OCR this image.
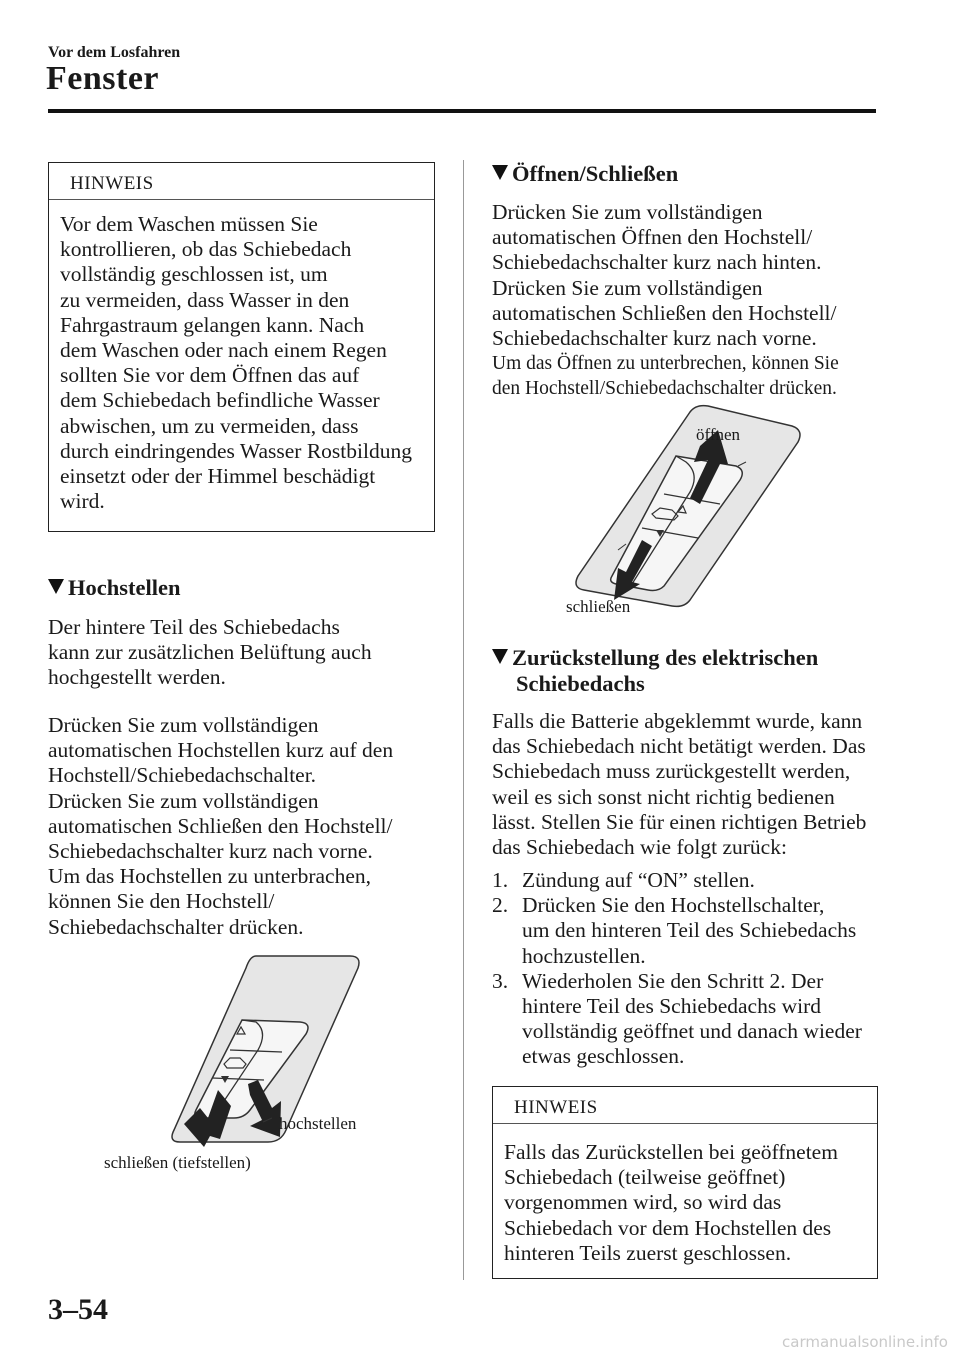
Vor dem Losfahren
Fenster
HINWEIS
Vor dem Waschen müssen Sie
kontrollieren, ob das Schiebedach
vollständig geschlossen ist, um
zu vermeiden, dass Wasser in den
Fahrgastraum gelangen kann. Nach
dem Waschen oder nach einem Regen
sollten Sie vor dem Öffnen das auf
dem Schiebedach befindliche Wasser
abwischen, um zu vermeiden, dass
durch eindringendes Wasser Rostbildung
einsetzt oder der Himmel beschädigt
wird.
Hochstellen
Der hintere Teil des Schiebedachs
kann zur zusätzlichen Belüftung auch
hochgestellt werden.
Drücken Sie zum vollständigen
automatischen Hochstellen kurz auf den
Hochstell/Schiebedachschalter.
Drücken Sie zum vollständigen
automatischen Schließen den Hochstell/
Schiebedachschalter kurz nach vorne.
Um das Hochstellen zu unterbrachen,
können Sie den Hochstell/
Schiebedachschalter drücken.
hochstellen
schließen (tiefstellen)
Öffnen/Schließen
Drücken Sie zum vollständigen
automatischen Öffnen den Hochstell/
Schiebedachschalter kurz nach hinten.
Drücken Sie zum vollständigen
automatischen Schließen den Hochstell/
Schiebedachschalter kurz nach vorne.
Um das Öffnen zu unterbrechen, können Sie
den Hochstell/Schiebedachschalter drücken.
öffnen
schließen
Zurückstellung des elektrischen
Schiebedachs
Falls die Batterie abgeklemmt wurde, kann
das Schiebedach nicht betätigt werden. Das
Schiebedach muss zurückgestellt werden,
weil es sich sonst nicht richtig bedienen
lässt. Stellen Sie für einen richtigen Betrieb
das Schiebedach wie folgt zurück:
1. Zündung auf “ON” stellen.
2. Drücken Sie den Hochstellschalter,
um den hinteren Teil des Schiebedachs
hochzustellen.
3. Wiederholen Sie den Schritt 2. Der
hintere Teil des Schiebedachs wird
vollständig geöffnet und danach wieder
etwas geschlossen.
HINWEIS
Falls das Zurückstellen bei geöffnetem
Schiebedach (teilweise geöffnet)
vorgenommen wird, so wird das
Schiebedach vor dem Hochstellen des
hinteren Teils zuerst geschlossen.
3–54
carmanualsonline.info
